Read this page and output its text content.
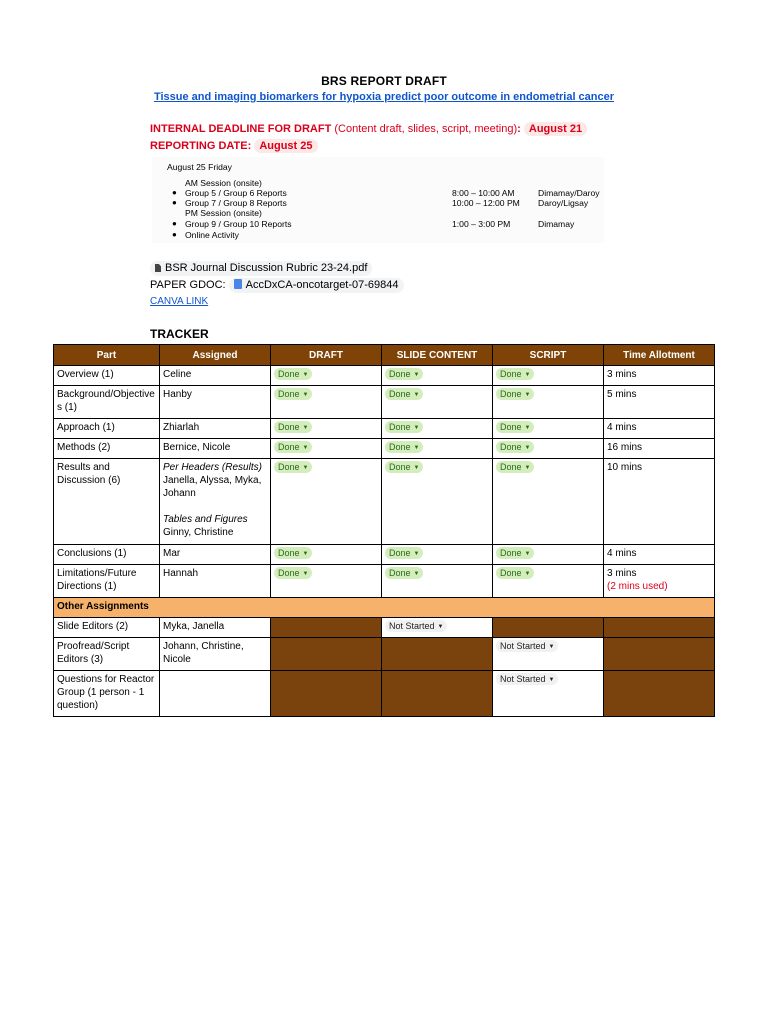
BRS REPORT DRAFT
Tissue and imaging biomarkers for hypoxia predict poor outcome in endometrial cancer
INTERNAL DEADLINE FOR DRAFT (Content draft, slides, script, meeting): August 21
REPORTING DATE: August 25
August 25 Friday
AM Session (onsite)
● Group 5 / Group 6 Reports	8:00 – 10:00 AM	Dimamay/Daroy
● Group 7 / Group 8 Reports	10:00 – 12:00 PM Daroy/Ligsay
PM Session (onsite)
● Group 9 / Group 10 Reports	1:00 – 3:00 PM	Dimamay
● Online Activity
BSR Journal Discussion Rubric 23-24.pdf
PAPER GDOC: AccDxCA-oncotarget-07-69844
CANVA LINK
TRACKER
Part	Assigned	DRAFT	SLIDE CONTENT	SCRIPT	Time Allotment
Overview (1)	Celine	Done ▼	Done ▼	Done ▼	3 mins
Background/Objectives (1)	Hanby	Done ▼	Done ▼	Done ▼	5 mins
Approach (1)	Zhiarlah	Done ▼	Done ▼	Done ▼	4 mins
Methods (2)	Bernice, Nicole	Done ▼	Done ▼	Done ▼	16 mins
Results and Discussion (6)	Per Headers (Results)
Janella, Alyssa, Myka, Johann
Tables and Figures
Ginny, Christine	Done ▼	Done ▼	Done ▼	10 mins
Conclusions (1)	Mar	Done ▼	Done ▼	Done ▼	4 mins
Limitations/Future Directions (1)	Hannah	Done ▼	Done ▼	Done ▼	3 mins
(2 mins used)

Other Assignments					
Slide Editors (2)	Myka, Janella		Not Started ▼		
Proofread/Script Editors (3)	Johann, Christine, Nicole			Not Started ▼	
Questions for Reactor Group (1 person - 1 question)				Not Started ▼	
